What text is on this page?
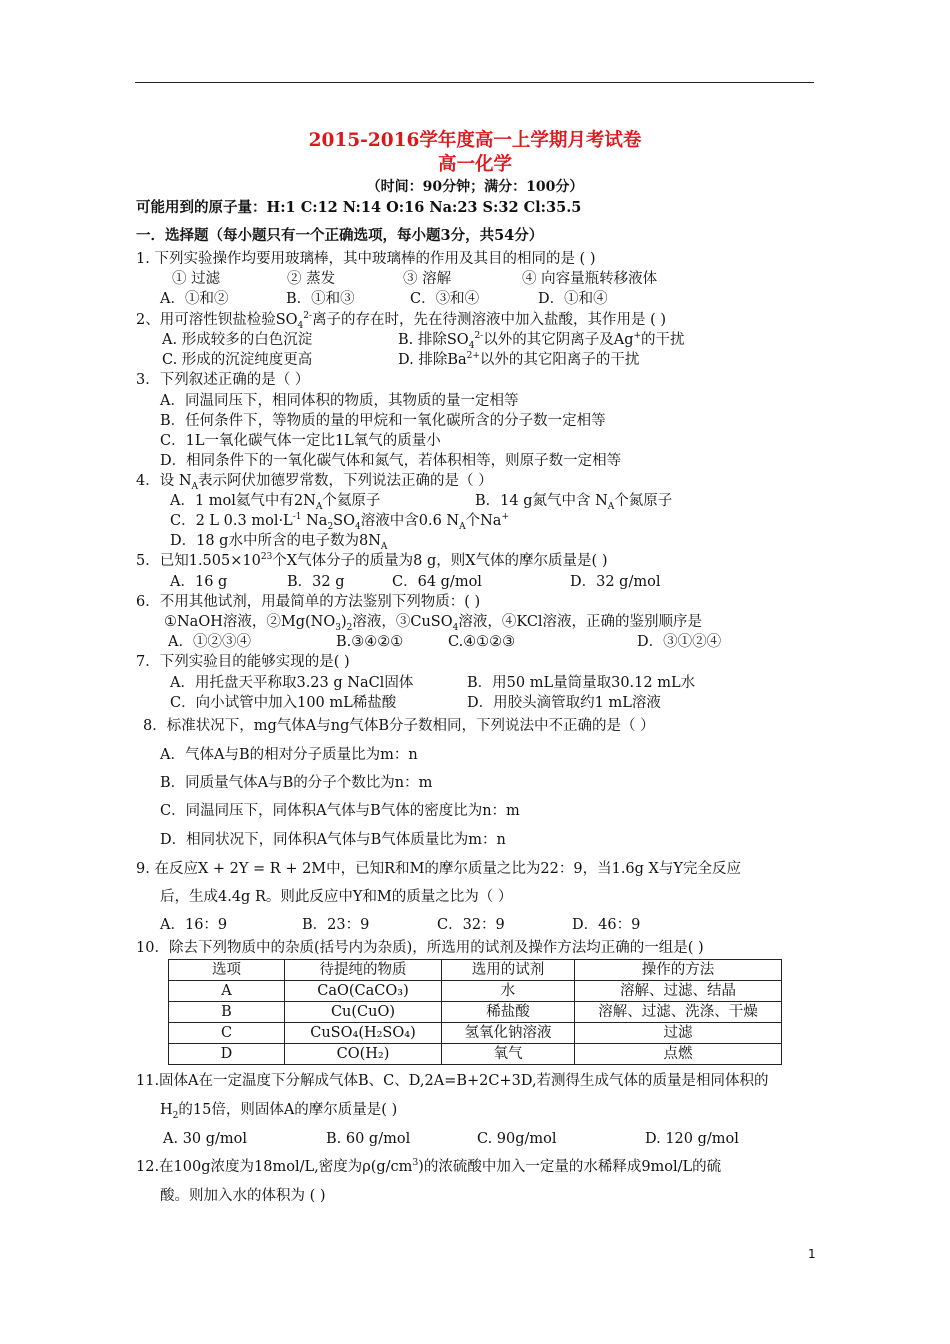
2015-2016学年度高一上学期月考试卷
高一化学
（时间：90分钟；满分：100分）
可能用到的原子量：H:1 C:12 N:14 O:16 Na:23 S:32 Cl:35.5
一．选择题（每小题只有一个正确选项，每小题3分，共54分）
1. 下列实验操作均要用玻璃棒，其中玻璃棒的作用及其目的相同的是 ( )
① 过滤	② 蒸发	③ 溶解	④ 向容量瓶转移液体
A．①和②	B．①和③	C．③和④	D．①和④
2、用可溶性钡盐检验$SO_4^{2-}$离子的存在时，先在待测溶液中加入盐酸，其作用是 ( )
A. 形成较多的白色沉淀	B. 排除$SO_4^{2-}$以外的其它阴离子及Ag+的干扰
C. 形成的沉淀纯度更高	D. 排除$Ba^{2+}$以外的其它阳离子的干扰
3．下列叙述正确的是（ ）
A．同温同压下，相同体积的物质，其物质的量一定相等
B．任何条件下，等物质的量的甲烷和一氧化碳所含的分子数一定相等
C．1L一氧化碳气体一定比1L氧气的质量小
D．相同条件下的一氧化碳气体和氮气，若体积相等，则原子数一定相等
4．设 $N_A$表示阿伏加德罗常数，下列说法正确的是（ ）
A．1 mol氦气中有$2N_A$个氦原子	B．14 g氮气中含 $N_A$个氮原子
C．2 L 0.3 $mol\cdot L^{-1}$ $Na_2SO_4$溶液中含0.6 $N_A$个Na+
D．18 g水中所含的电子数为$8N_A$
5．已知$1.505\times 10^{23}$个X气体分子的质量为8 g，则X气体的摩尔质量是( )
A．16 g	B．32 g	C．64 g/mol	D．32 g/mol
6．不用其他试剂，用最简单的方法鉴别下列物质：( )
①NaOH溶液，$②Mg(NO_3)_2$溶液，③CuSO$_4$溶液，④KCl溶液，正确的鉴别顺序是
A．①②③④	B.③④②①	C.④①②③	D．③①②④
7．下列实验目的能够实现的是( )
A．用托盘天平称取3.23 g NaCl固体	B．用50 mL量筒量取30.12 mL水
C．向小试管中加入100 mL稀盐酸	D．用胶头滴管取约1 mL溶液
8．标准状况下，mg气体A与ng气体B分子数相同，下列说法中不正确的是（ ）
A．气体A与B的相对分子质量比为m：n
B．同质量气体A与B的分子个数比为n：m
C．同温同压下，同体积A气体与B气体的密度比为n：m
D．相同状况下，同体积A气体与B气体质量比为m：n
9. 在反应X + 2Y = R + 2M中，已知R和M的摩尔质量之比为22：9，当1.6g X与Y完全反应
后，生成4.4g R。则此反应中Y和M的质量之比为（ ）
A．16：9	B．23：9	C．32：9	D．46：9
10．除去下列物质中的杂质(括号内为杂质)，所选用的试剂及操作方法均正确的一组是( )
选项	待提纯的物质	选用的试剂	操作的方法
A	CaO(CaCO₃)	水	溶解、过滤、结晶
B	Cu(CuO)	稀盐酸	溶解、过滤、洗涤、干燥
C	CuSO₄(H₂SO₄)	氢氧化钠溶液	过滤
D	CO(H₂)	氧气	点燃
11.固体A在一定温度下分解成气体B、C、D,2A=B+2C+3D,若测得生成气体的质量是相同体积的
$H_2$的15倍，则固体A的摩尔质量是( )
A. 30 g/mol	B. 60 g/mol	C. 90g/mol	D. 120 g/mol
12.在100g浓度为18mol/L,密度为$\rho(g/cm^3)$的浓硫酸中加入一定量的水稀释成9mol/L的硫
酸。则加入水的体积为 ( )
1
